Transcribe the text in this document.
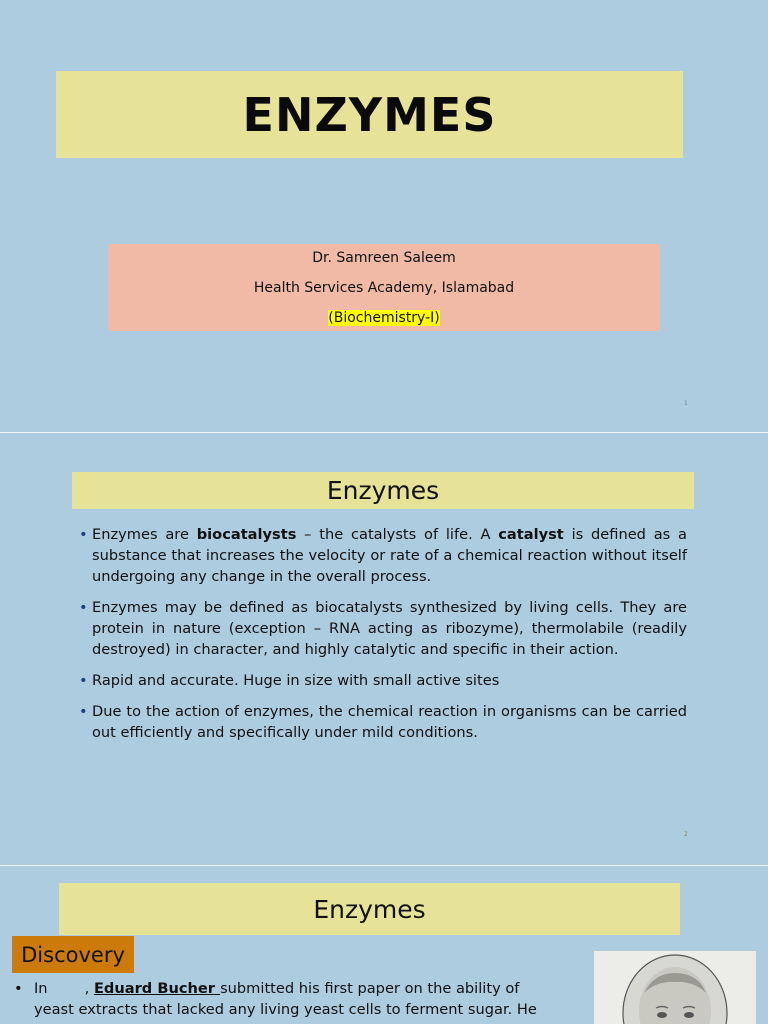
ENZYMES
Dr. Samreen Saleem
Health Services Academy, Islamabad
(Biochemistry-I)
1
Enzymes
• Enzymes are biocatalysts – the catalysts of life. A catalyst is defined as a substance that increases the velocity or rate of a chemical reaction without itself undergoing any change in the overall process.
• Enzymes may be defined as biocatalysts synthesized by living cells. They are protein in nature (exception – RNA acting as ribozyme), thermolabile (readily destroyed) in character, and highly catalytic and specific in their action.
• Rapid and accurate. Huge in size with small active sites
• Due to the action of enzymes, the chemical reaction in organisms can be carried out efficiently and specifically under mild conditions.
2
Enzymes
Discovery
• In        , Eduard Bucher submitted his first paper on the ability of
yeast extracts that lacked any living yeast cells to ferment sugar. He
